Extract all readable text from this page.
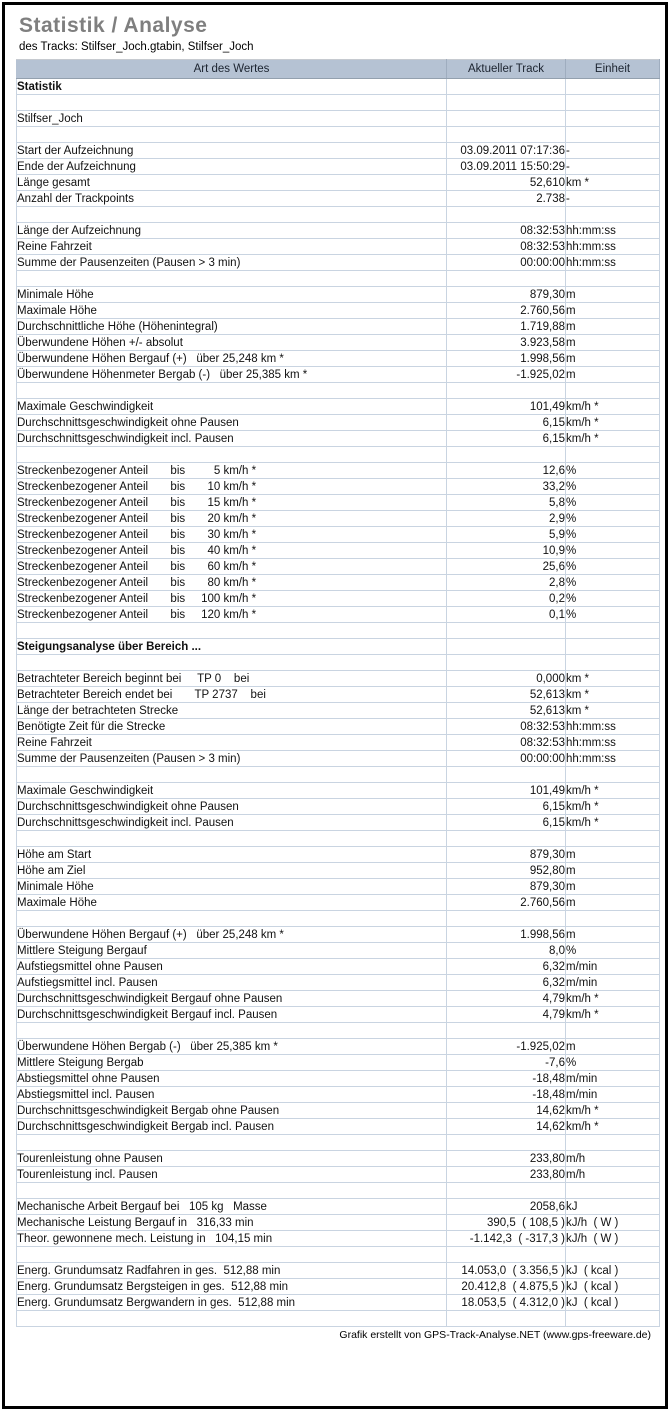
Statistik / Analyse
des Tracks: Stilfser_Joch.gtabin, Stilfser_Joch
Art des Wertes	Aktueller Track	Einheit
Statistik		

Stilfser_Joch		

Start der Aufzeichnung	03.09.2011 07:17:36	-
Ende der Aufzeichnung	03.09.2011 15:50:29	-
Länge gesamt	52,610	km *
Anzahl der Trackpoints	2.738	-

Länge der Aufzeichnung	08:32:53	hh:mm:ss
Reine Fahrzeit	08:32:53	hh:mm:ss
Summe der Pausenzeiten (Pausen > 3 min)	00:00:00	hh:mm:ss

Minimale Höhe	879,30	m
Maximale Höhe	2.760,56	m
Durchschnittliche Höhe (Höhenintegral)	1.719,88	m
Überwundene Höhen +/- absolut	3.923,58	m
Überwundene Höhen Bergauf (+)   über 25,248 km *	1.998,56	m
Überwundene Höhenmeter Bergab (-)   über 25,385 km *	-1.925,02	m

Maximale Geschwindigkeit	101,49	km/h *
Durchschnittsgeschwindigkeit ohne Pausen	6,15	km/h *
Durchschnittsgeschwindigkeit incl. Pausen	6,15	km/h *

Streckenbezogener Anteil       bis         5 km/h *	12,6	%
Streckenbezogener Anteil       bis       10 km/h *	33,2	%
Streckenbezogener Anteil       bis       15 km/h *	5,8	%
Streckenbezogener Anteil       bis       20 km/h *	2,9	%
Streckenbezogener Anteil       bis       30 km/h *	5,9	%
Streckenbezogener Anteil       bis       40 km/h *	10,9	%
Streckenbezogener Anteil       bis       60 km/h *	25,6	%
Streckenbezogener Anteil       bis       80 km/h *	2,8	%
Streckenbezogener Anteil       bis     100 km/h *	0,2	%
Streckenbezogener Anteil       bis     120 km/h *	0,1	%

Steigungsanalyse über Bereich ...		

Betrachteter Bereich beginnt bei     TP 0    bei	0,000	km *
Betrachteter Bereich endet bei       TP 2737    bei	52,613	km *
Länge der betrachteten Strecke	52,613	km *
Benötigte Zeit für die Strecke	08:32:53	hh:mm:ss
Reine Fahrzeit	08:32:53	hh:mm:ss
Summe der Pausenzeiten (Pausen > 3 min)	00:00:00	hh:mm:ss

Maximale Geschwindigkeit	101,49	km/h *
Durchschnittsgeschwindigkeit ohne Pausen	6,15	km/h *
Durchschnittsgeschwindigkeit incl. Pausen	6,15	km/h *

Höhe am Start	879,30	m
Höhe am Ziel	952,80	m
Minimale Höhe	879,30	m
Maximale Höhe	2.760,56	m

Überwundene Höhen Bergauf (+)   über 25,248 km *	1.998,56	m
Mittlere Steigung Bergauf	8,0	%
Aufstiegsmittel ohne Pausen	6,32	m/min
Aufstiegsmittel incl. Pausen	6,32	m/min
Durchschnittsgeschwindigkeit Bergauf ohne Pausen	4,79	km/h *
Durchschnittsgeschwindigkeit Bergauf incl. Pausen	4,79	km/h *

Überwundene Höhen Bergab (-)   über 25,385 km *	-1.925,02	m
Mittlere Steigung Bergab	-7,6	%
Abstiegsmittel ohne Pausen	-18,48	m/min
Abstiegsmittel incl. Pausen	-18,48	m/min
Durchschnittsgeschwindigkeit Bergab ohne Pausen	14,62	km/h *
Durchschnittsgeschwindigkeit Bergab incl. Pausen	14,62	km/h *

Tourenleistung ohne Pausen	233,80	m/h
Tourenleistung incl. Pausen	233,80	m/h

Mechanische Arbeit Bergauf bei   105 kg   Masse	2058,6	kJ
Mechanische Leistung Bergauf in   316,33 min	390,5  ( 108,5 )	kJ/h  ( W )
Theor. gewonnene mech. Leistung in   104,15 min	-1.142,3  ( -317,3 )	kJ/h  ( W )

Energ. Grundumsatz Radfahren in ges.  512,88 min	14.053,0  ( 3.356,5 )	kJ  ( kcal )
Energ. Grundumsatz Bergsteigen in ges.  512,88 min	20.412,8  ( 4.875,5 )	kJ  ( kcal )
Energ. Grundumsatz Bergwandern in ges.  512,88 min	18.053,5  ( 4.312,0 )	kJ  ( kcal )

Grafik erstellt von GPS-Track-Analyse.NET (www.gps-freeware.de)
